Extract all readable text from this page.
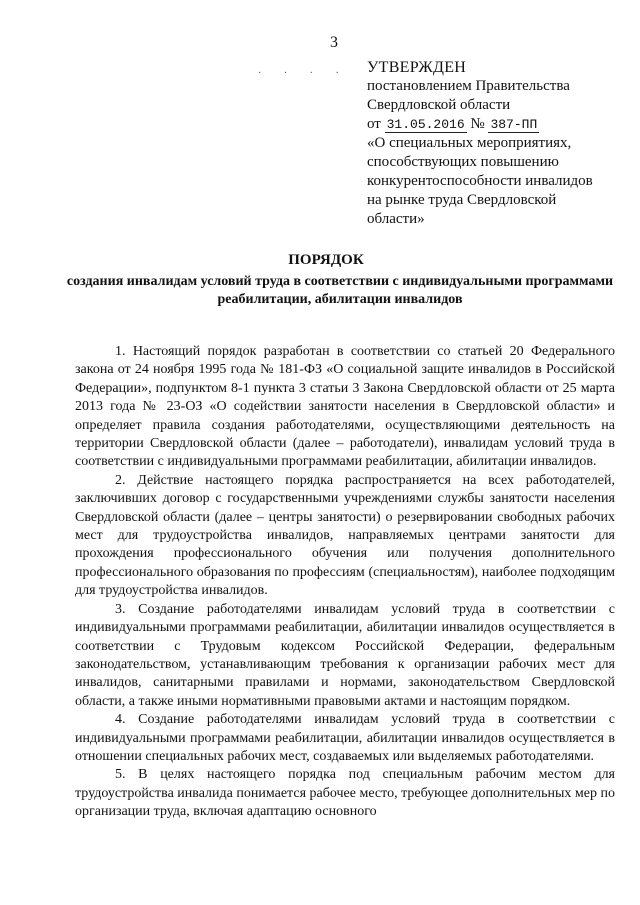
3
· · · · УТВЕРЖДЕН
постановлением Правительства
Свердловской области
от 31.05.2016 № 387-ПП
«О специальных мероприятиях,
способствующих повышению
конкурентоспособности инвалидов
на рынке труда Свердловской
области»
ПОРЯДОК
создания инвалидам условий труда в соответствии с индивидуальными программами реабилитации, абилитации инвалидов

1. Настоящий порядок разработан в соответствии со статьей 20 Федерального закона от 24 ноября 1995 года № 181-ФЗ «О социальной защите инвалидов в Российской Федерации», подпунктом 8-1 пункта 3 статьи 3 Закона Свердловской области от 25 марта 2013 года № 23-ОЗ «О содействии занятости населения в Свердловской области» и определяет правила создания работодателями, осуществляющими деятельность на территории Свердловской области (далее – работодатели), инвалидам условий труда в соответствии с индивидуальными программами реабилитации, абилитации инвалидов.

2. Действие настоящего порядка распространяется на всех работодателей, заключивших договор с государственными учреждениями службы занятости населения Свердловской области (далее – центры занятости) о резервировании свободных рабочих мест для трудоустройства инвалидов, направляемых центрами занятости для прохождения профессионального обучения или получения дополнительного профессионального образования по профессиям (специальностям), наиболее подходящим для трудоустройства инвалидов.

3. Создание работодателями инвалидам условий труда в соответствии с индивидуальными программами реабилитации, абилитации инвалидов осуществляется в соответствии с Трудовым кодексом Российской Федерации, федеральным законодательством, устанавливающим требования к организации рабочих мест для инвалидов, санитарными правилами и нормами, законодательством Свердловской области, а также иными нормативными правовыми актами и настоящим порядком.

4. Создание работодателями инвалидам условий труда в соответствии с индивидуальными программами реабилитации, абилитации инвалидов осуществляется в отношении специальных рабочих мест, создаваемых или выделяемых работодателями.

5. В целях настоящего порядка под специальным рабочим местом для трудоустройства инвалида понимается рабочее место, требующее дополнительных мер по организации труда, включая адаптацию основного
